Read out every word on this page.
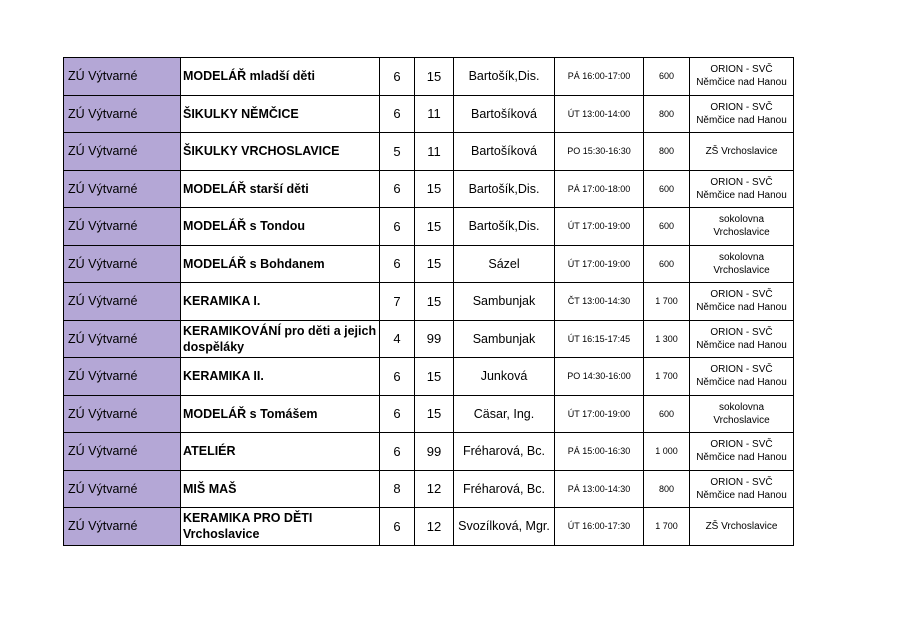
ZÚ Výtvarné	MODELÁŘ mladší děti	6	15	Bartošík,Dis.	PÁ 16:00-17:00	600	ORION - SVČ
Němčice nad Hanou

ZÚ Výtvarné	ŠIKULKY NĚMČICE	6	11	Bartošíková	ÚT 13:00-14:00	800	ORION - SVČ
Němčice nad Hanou

ZÚ Výtvarné	ŠIKULKY VRCHOSLAVICE	5	11	Bartošíková	PO 15:30-16:30	800	ZŠ Vrchoslavice

ZÚ Výtvarné	MODELÁŘ starší děti	6	15	Bartošík,Dis.	PÁ 17:00-18:00	600	ORION - SVČ
Němčice nad Hanou

ZÚ Výtvarné	MODELÁŘ s Tondou	6	15	Bartošík,Dis.	ÚT 17:00-19:00	600	sokolovna
Vrchoslavice

ZÚ Výtvarné	MODELÁŘ s Bohdanem	6	15	Sázel	ÚT 17:00-19:00	600	sokolovna
Vrchoslavice

ZÚ Výtvarné	KERAMIKA I.	7	15	Sambunjak	ČT 13:00-14:30	1 700	ORION - SVČ
Němčice nad Hanou

ZÚ Výtvarné	KERAMIKOVÁNÍ pro děti a jejich dospěláky	4	99	Sambunjak	ÚT 16:15-17:45	1 300	ORION - SVČ
Němčice nad Hanou

ZÚ Výtvarné	KERAMIKA II.	6	15	Junková	PO 14:30-16:00	1 700	ORION - SVČ
Němčice nad Hanou

ZÚ Výtvarné	MODELÁŘ s Tomášem	6	15	Cäsar, Ing.	ÚT 17:00-19:00	600	sokolovna
Vrchoslavice

ZÚ Výtvarné	ATELIÉR	6	99	Fréharová, Bc.	PÁ 15:00-16:30	1 000	ORION - SVČ
Němčice nad Hanou

ZÚ Výtvarné	MIŠ MAŠ	8	12	Fréharová, Bc.	PÁ 13:00-14:30	800	ORION - SVČ
Němčice nad Hanou

ZÚ Výtvarné	KERAMIKA PRO DĚTI Vrchoslavice	6	12	Svozílková, Mgr.	ÚT 16:00-17:30	1 700	ZŠ Vrchoslavice
